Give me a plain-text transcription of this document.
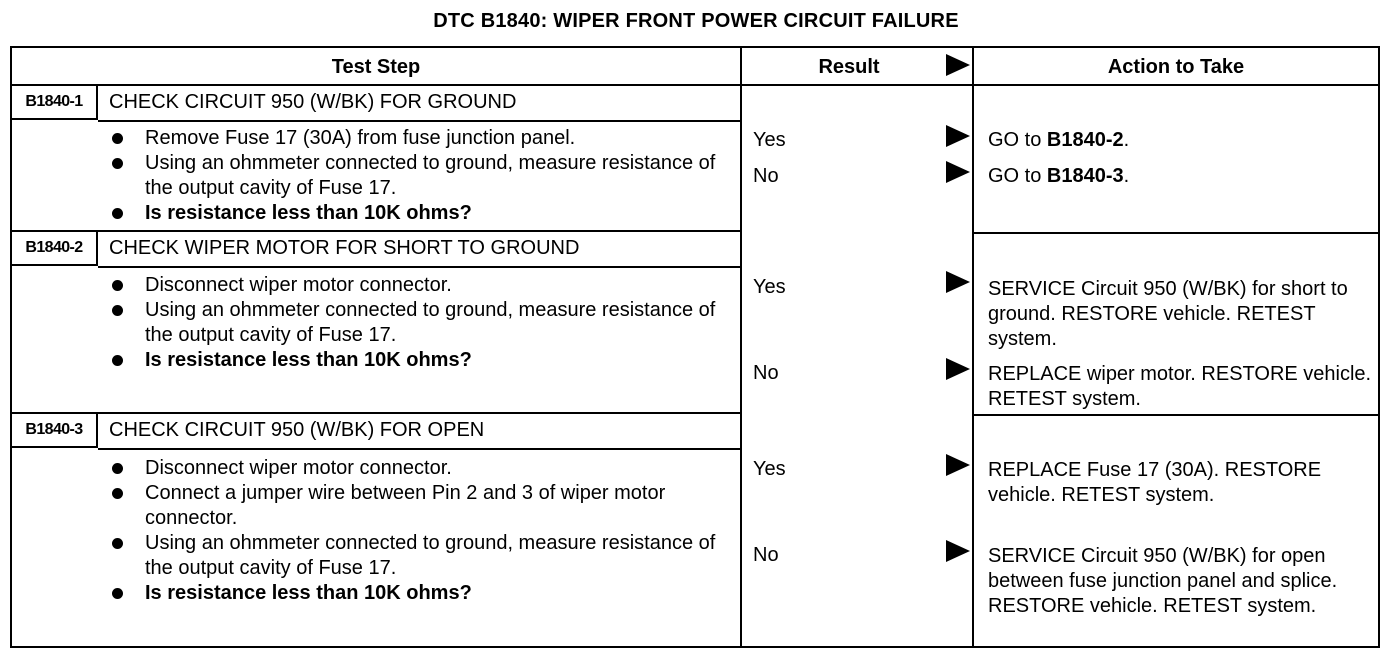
DTC B1840: WIPER FRONT POWER CIRCUIT FAILURE
Test Step	Result	Action to Take
B1840-1	CHECK CIRCUIT 950 (W/BK) FOR GROUND
Remove Fuse 17 (30A) from fuse junction panel.
Using an ohmmeter connected to ground, measure resistance of the output cavity of Fuse 17.
Is resistance less than 10K ohms?
Yes	GO to B1840-2.
No	GO to B1840-3.
B1840-2	CHECK WIPER MOTOR FOR SHORT TO GROUND
Disconnect wiper motor connector.
Using an ohmmeter connected to ground, measure resistance of the output cavity of Fuse 17.
Is resistance less than 10K ohms?
Yes	SERVICE Circuit 950 (W/BK) for short to ground. RESTORE vehicle. RETEST system.
No	REPLACE wiper motor. RESTORE vehicle. RETEST system.
B1840-3	CHECK CIRCUIT 950 (W/BK) FOR OPEN
Disconnect wiper motor connector.
Connect a jumper wire between Pin 2 and 3 of wiper motor connector.
Using an ohmmeter connected to ground, measure resistance of the output cavity of Fuse 17.
Is resistance less than 10K ohms?
Yes	REPLACE Fuse 17 (30A). RESTORE vehicle. RETEST system.
No	SERVICE Circuit 950 (W/BK) for open between fuse junction panel and splice. RESTORE vehicle. RETEST system.
